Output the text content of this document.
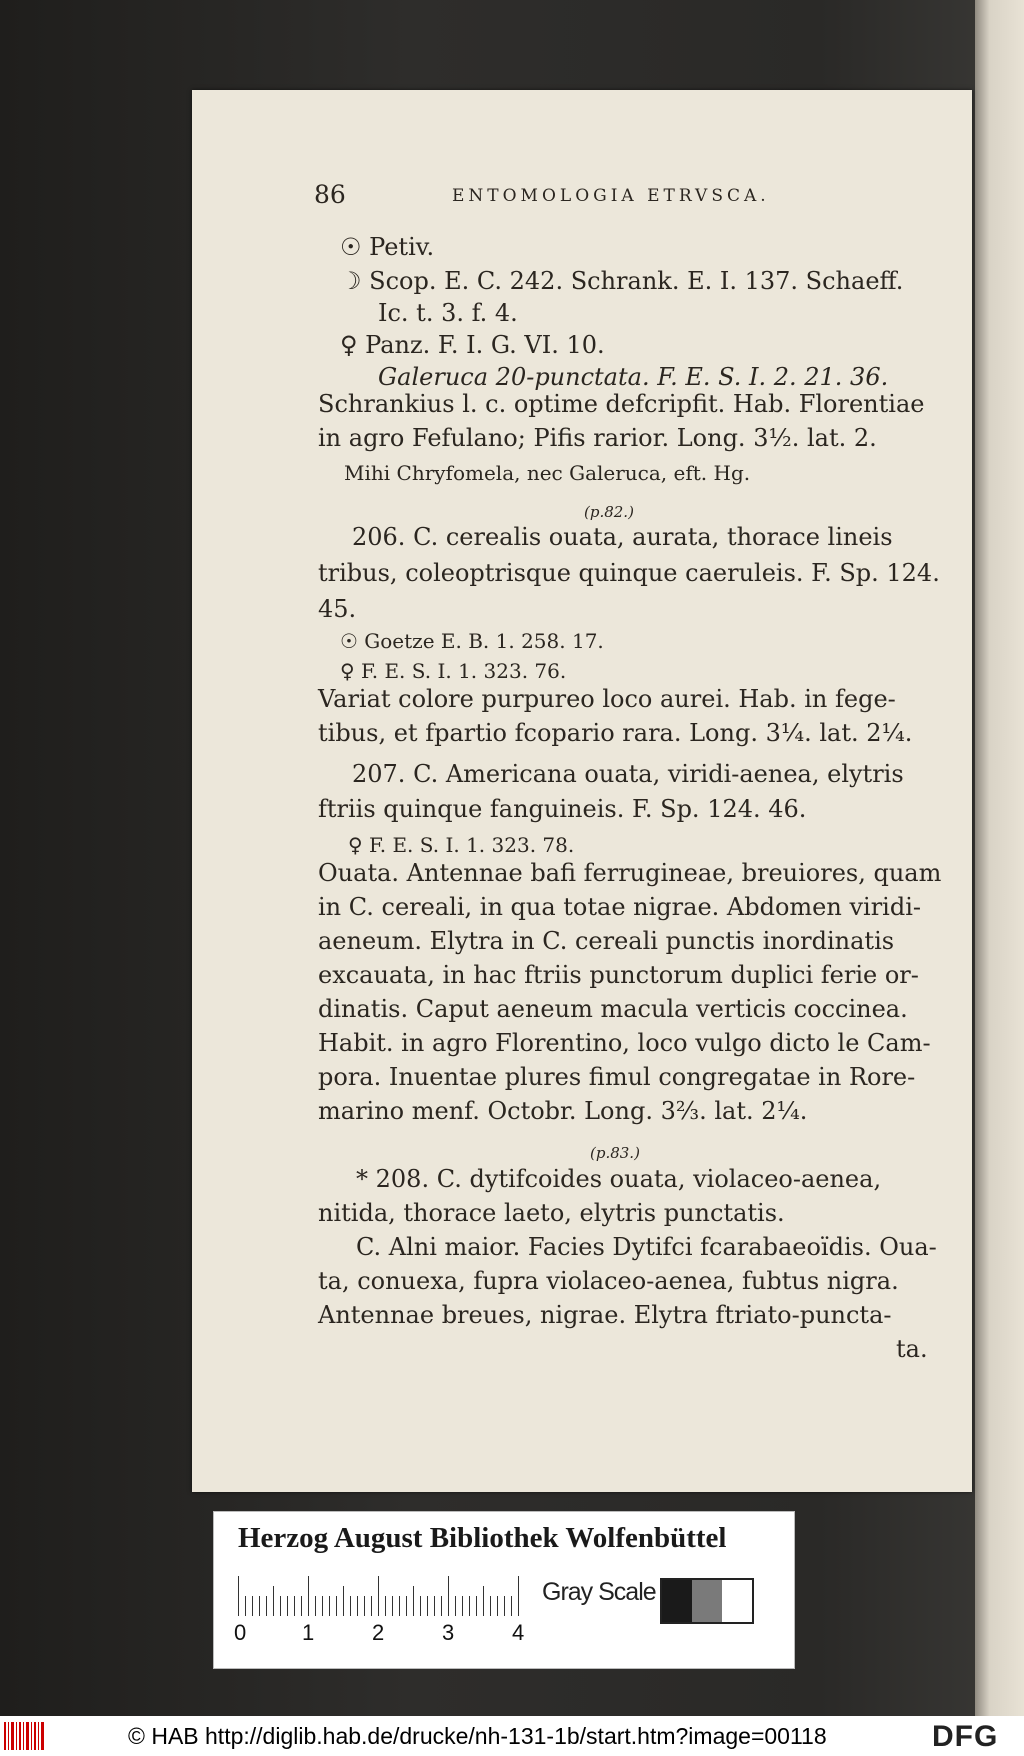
86	ENTOMOLOGIA ETRVSCA.
☉ Petiv.
☽ Scop. E. C. 242. Schrank. E. I. 137. Schaeff.
Ic. t. 3. f. 4.
♀ Panz. F. I. G. VI. 10.
Galeruca 20-punctata. F. E. S. I. 2. 21. 36.
Schrankius l. c. optime defcripfit. Hab. Florentiae
in agro Fefulano; Pifis rarior. Long. 3½. lat. 2.
Mihi Chryfomela, nec Galeruca, eft. Hg.
(p.82.)
206. C. cerealis ouata, aurata, thorace lineis
tribus, coleoptrisque quinque caeruleis. F. Sp. 124.
45.
☉ Goetze E. B. 1. 258. 17.
♀ F. E. S. I. 1. 323. 76.
Variat colore purpureo loco aurei. Hab. in fege-
tibus, et fpartio fcopario rara. Long. 3¼. lat. 2¼.
207. C. Americana ouata, viridi-aenea, elytris
ftriis quinque fanguineis. F. Sp. 124. 46.
♀ F. E. S. I. 1. 323. 78.
Ouata. Antennae bafi ferrugineae, breuiores, quam
in C. cereali, in qua totae nigrae. Abdomen viridi-
aeneum. Elytra in C. cereali punctis inordinatis
excauata, in hac ftriis punctorum duplici ferie or-
dinatis. Caput aeneum macula verticis coccinea.
Habit. in agro Florentino, loco vulgo dicto le Cam-
pora. Inuentae plures fimul congregatae in Rore-
marino menf. Octobr. Long. 3⅔. lat. 2¼.
(p.83.)
* 208. C. dytifcoides ouata, violaceo-aenea,
nitida, thorace laeto, elytris punctatis.
C. Alni maior. Facies Dytifci fcarabaeoïdis. Oua-
ta, conuexa, fupra violaceo-aenea, fubtus nigra.
Antennae breues, nigrae. Elytra ftriato-puncta-
ta.
Herzog August Bibliothek Wolfenbüttel
0	1	2	3	4
Gray Scale
© HAB http://diglib.hab.de/drucke/nh-131-1b/start.htm?image=00118	DFG
